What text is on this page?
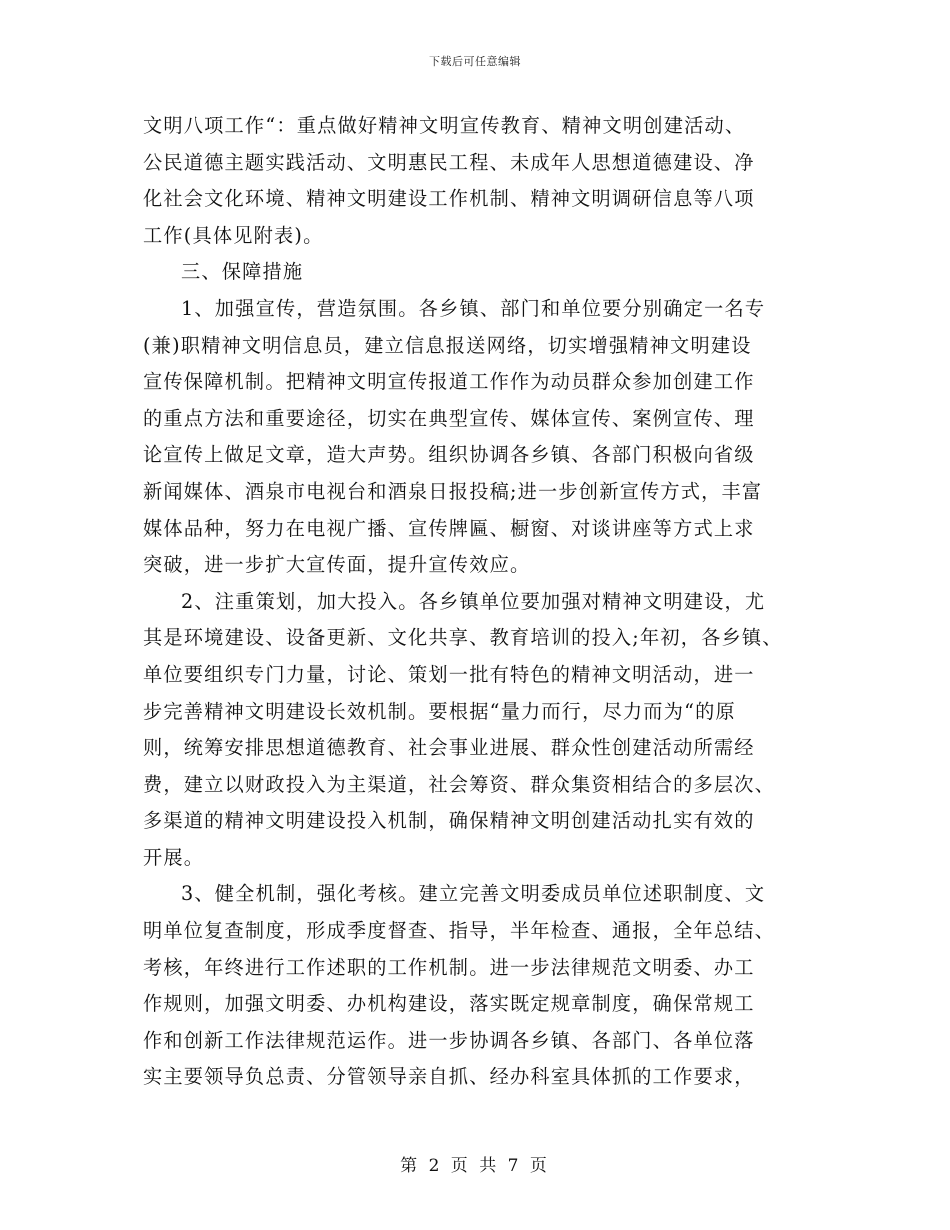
下载后可任意编辑
文明八项工作“：重点做好精神文明宣传教育、精神文明创建活动、
公民道德主题实践活动、文明惠民工程、未成年人思想道德建设、净
化社会文化环境、精神文明建设工作机制、精神文明调研信息等八项
工作(具体见附表)。
三、保障措施
1、加强宣传，营造氛围。各乡镇、部门和单位要分别确定一名专
(兼)职精神文明信息员，建立信息报送网络，切实增强精神文明建设
宣传保障机制。把精神文明宣传报道工作作为动员群众参加创建工作
的重点方法和重要途径，切实在典型宣传、媒体宣传、案例宣传、理
论宣传上做足文章，造大声势。组织协调各乡镇、各部门积极向省级
新闻媒体、酒泉市电视台和酒泉日报投稿;进一步创新宣传方式，丰富
媒体品种，努力在电视广播、宣传牌匾、橱窗、对谈讲座等方式上求
突破，进一步扩大宣传面，提升宣传效应。
2、注重策划，加大投入。各乡镇单位要加强对精神文明建设，尤
其是环境建设、设备更新、文化共享、教育培训的投入;年初，各乡镇、
单位要组织专门力量，讨论、策划一批有特色的精神文明活动，进一
步完善精神文明建设长效机制。要根据“量力而行，尽力而为“的原
则，统筹安排思想道德教育、社会事业进展、群众性创建活动所需经
费，建立以财政投入为主渠道，社会筹资、群众集资相结合的多层次、
多渠道的精神文明建设投入机制，确保精神文明创建活动扎实有效的
开展。
3、健全机制，强化考核。建立完善文明委成员单位述职制度、文
明单位复查制度，形成季度督查、指导，半年检查、通报，全年总结、
考核，年终进行工作述职的工作机制。进一步法律规范文明委、办工
作规则，加强文明委、办机构建设，落实既定规章制度，确保常规工
作和创新工作法律规范运作。进一步协调各乡镇、各部门、各单位落
实主要领导负总责、分管领导亲自抓、经办科室具体抓的工作要求，
第 2 页 共 7 页
